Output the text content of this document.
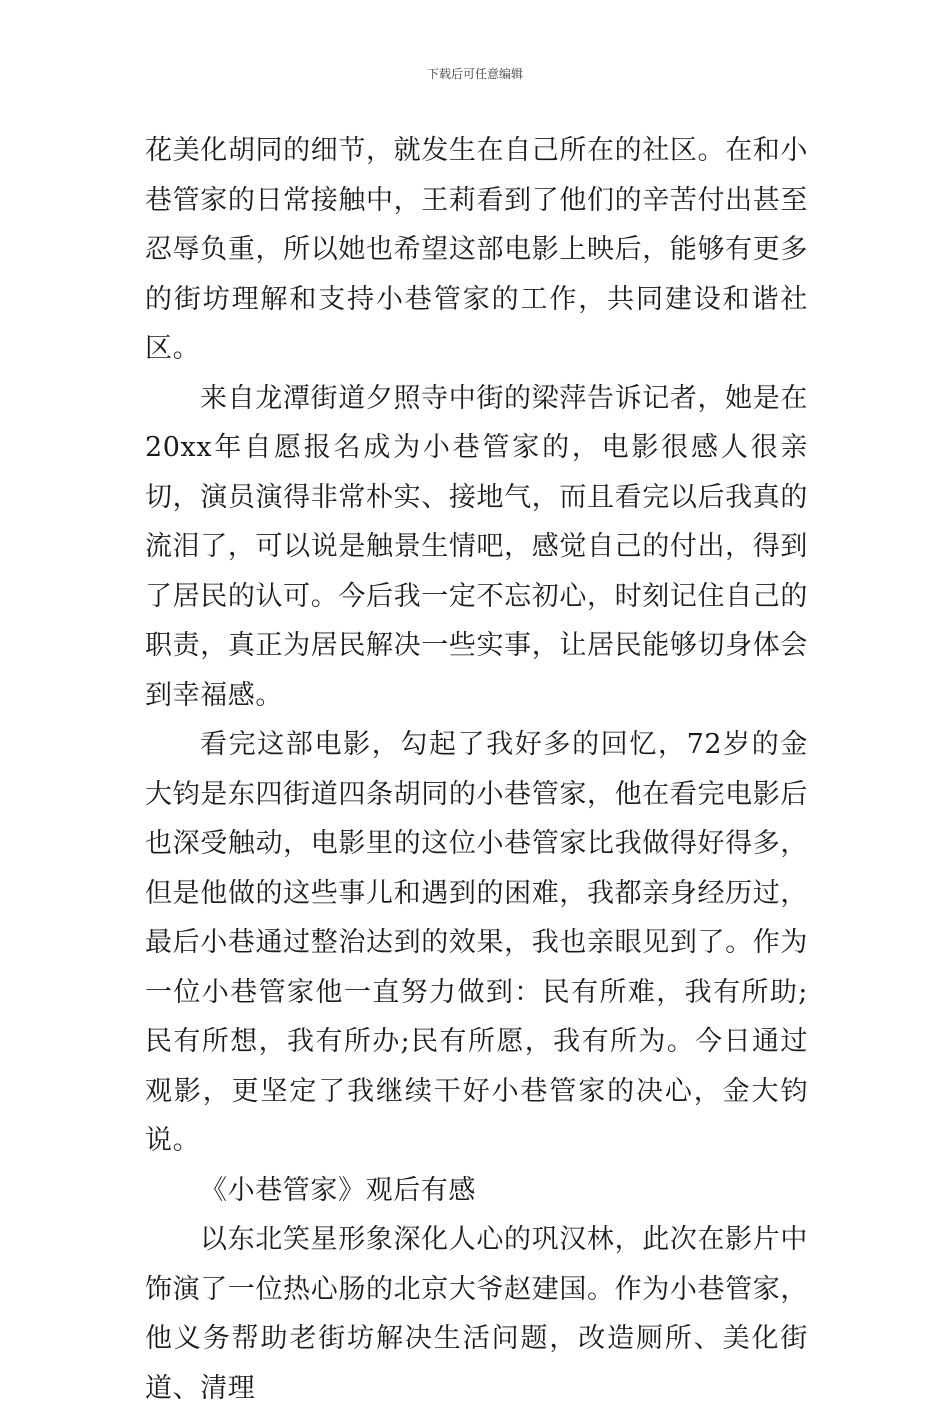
下载后可任意编辑

花美化胡同的细节，就发生在自己所在的社区。在和小巷管家的日常接触中，王莉看到了他们的辛苦付出甚至忍辱负重，所以她也希望这部电影上映后，能够有更多的街坊理解和支持小巷管家的工作，共同建设和谐社区。

来自龙潭街道夕照寺中街的梁萍告诉记者，她是在20xx年自愿报名成为小巷管家的，电影很感人很亲切，演员演得非常朴实、接地气，而且看完以后我真的流泪了，可以说是触景生情吧，感觉自己的付出，得到了居民的认可。今后我一定不忘初心，时刻记住自己的职责，真正为居民解决一些实事，让居民能够切身体会到幸福感。

看完这部电影，勾起了我好多的回忆，72岁的金大钧是东四街道四条胡同的小巷管家，他在看完电影后也深受触动，电影里的这位小巷管家比我做得好得多，但是他做的这些事儿和遇到的困难，我都亲身经历过，最后小巷通过整治达到的效果，我也亲眼见到了。作为一位小巷管家他一直努力做到：民有所难，我有所助;民有所想，我有所办;民有所愿，我有所为。今日通过观影，更坚定了我继续干好小巷管家的决心，金大钧说。

《小巷管家》观后有感

以东北笑星形象深化人心的巩汉林，此次在影片中饰演了一位热心肠的北京大爷赵建国。作为小巷管家，他义务帮助老街坊解决生活问题，改造厕所、美化街道、清理
